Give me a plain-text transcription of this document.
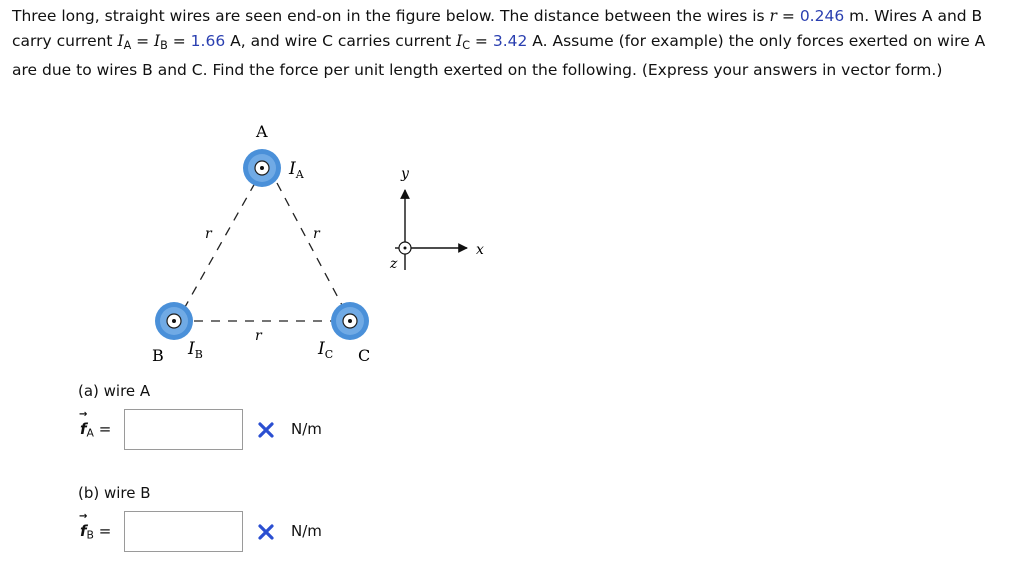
Three long, straight wires are seen end-on in the figure below. The distance between the wires is r = 0.246 m. Wires A and B carry current $I_A = I_B = 1.66$ A, and wire C carries current $I_C = 3.42$ A. Assume (for example) the only forces exerted on wire A are due to wires B and C. Find the force per unit length exerted on the following. (Express your answers in vector form.)

A
B	C
$I_A$
$I_B$	$I_C$
r	r
r
y
x
z
(a) wire A
→ $f_A$ =	N/m
(b) wire B
→ $f_B$ =	N/m
